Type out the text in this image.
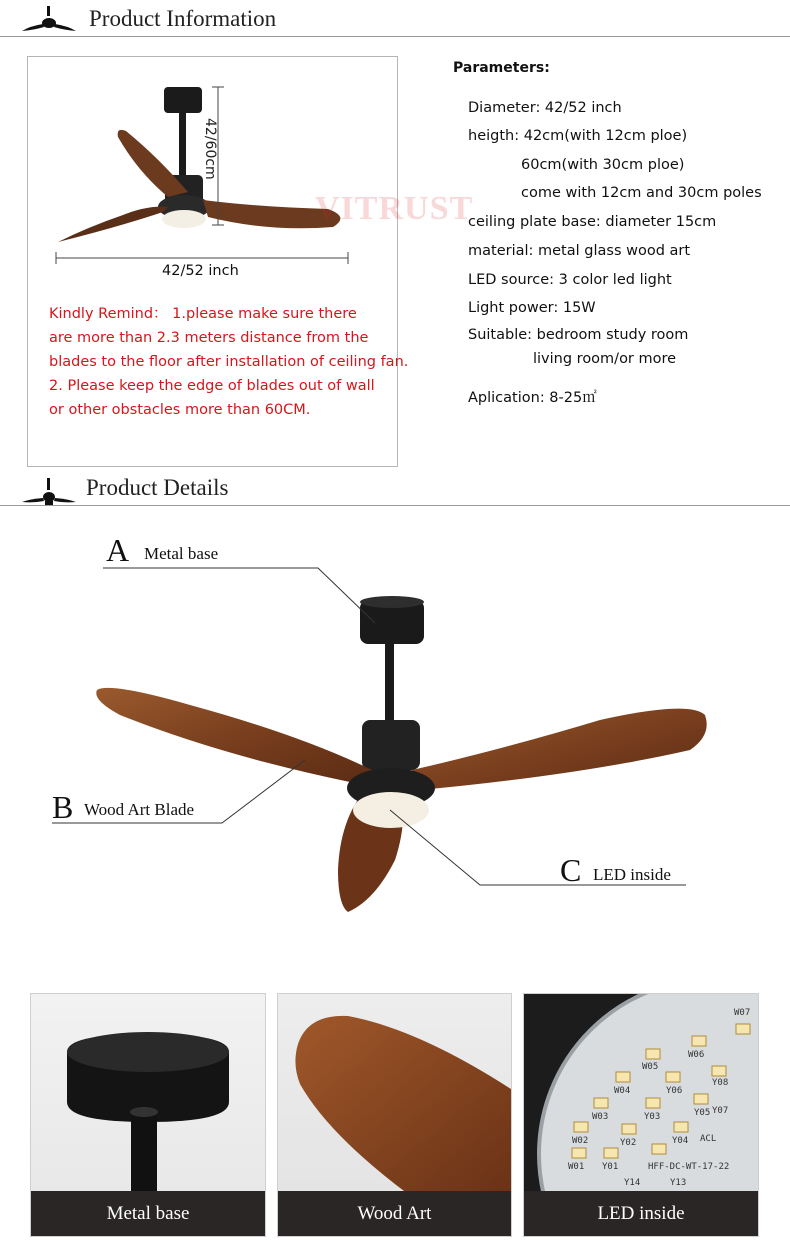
Product Information
42/60cm
42/52 inch
VITRUST
Kindly Remind： 1.please make sure there
are more than 2.3 meters distance from the
blades to the floor after installation of ceiling fan.
2. Please keep the edge of blades out of wall
or other obstacles more than 60CM.
Parameters:
Diameter: 42/52 inch
heigth: 42cm(with 12cm ploe)
60cm(with 30cm ploe)
come with 12cm and 30cm poles
ceiling plate base: diameter 15cm
material: metal glass wood art
LED source: 3 color led light
Light power: 15W
Suitable: bedroom study room
living room/or more
Aplication: 8-25㎡
Product Details
A Metal base
B Wood Art Blade
C LED inside
Metal base	Wood Art
W07
W06
Y08
W05
Y07
W04	Y06
W03	Y03	Y05
W02	Y02	Y04
W01 Y01
ACL
HFF-DC-WT-17-22
Y14	Y13
LED inside
